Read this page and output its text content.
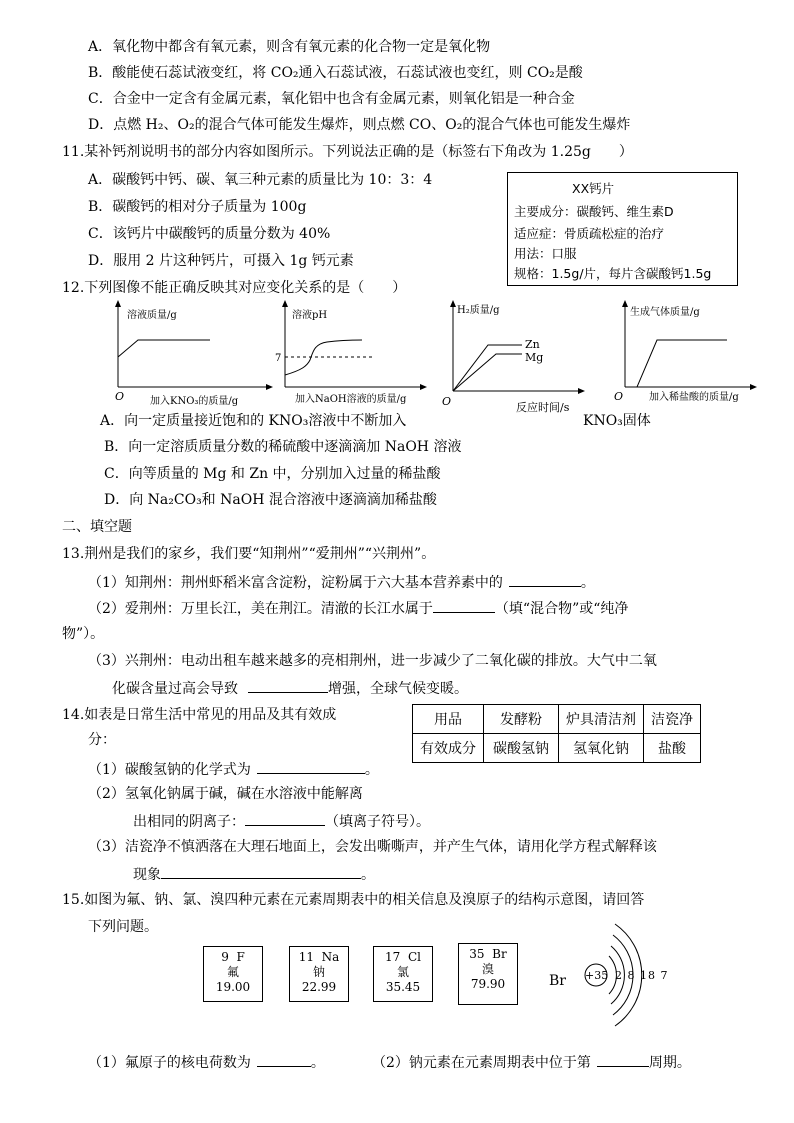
A．氧化物中都含有氧元素，则含有氧元素的化合物一定是氧化物
B．酸能使石蕊试液变红，将 CO₂通入石蕊试液，石蕊试液也变红，则 CO₂是酸
C．合金中一定含有金属元素，氧化铝中也含有金属元素，则氧化铝是一种合金
D．点燃 H₂、O₂的混合气体可能发生爆炸，则点燃 CO、O₂的混合气体也可能发生爆炸
11.某补钙剂说明书的部分内容如图所示。下列说法正确的是（标签右下角改为 1.25g　　）
A．碳酸钙中钙、碳、氧三种元素的质量比为 10：3：4
B．碳酸钙的相对分子质量为 100g
C．该钙片中碳酸钙的质量分数为 40%
D．服用 2 片这种钙片，可摄入 1g 钙元素
XX钙片
主要成分：碳酸钙、维生素D
适应症：骨质疏松症的治疗
用法：口服
规格：1.5g/片，每片含碳酸钙1.5g
12.下列图像不能正确反映其对应变化关系的是（　　）
溶液质量/g
加入KNO₃的质量/g
O
溶液pH
7
加入NaOH溶液的质量/g
H₂质量/g
Zn
Mg
O	反应时间/s
生成气体质量/g
加入稀盐酸的质量/g
O
A．向一定质量接近饱和的 KNO₃溶液中不断加入	KNO₃固体
B．向一定溶质质量分数的稀硫酸中逐滴滴加 NaOH 溶液
C．向等质量的 Mg 和 Zn 中，分别加入过量的稀盐酸
D．向 Na₂CO₃和 NaOH 混合溶液中逐滴滴加稀盐酸
二、填空题
13.荆州是我们的家乡，我们要“知荆州”“爱荆州”“兴荆州”。
（1）知荆州：荆州虾稻米富含淀粉，淀粉属于六大基本营养素中的	。
（2）爱荆州：万里长江，美在荆江。清澈的长江水属于	（填“混合物”或“纯净
物”）。
（3）兴荆州：电动出租车越来越多的亮相荆州，进一步减少了二氧化碳的排放。大气中二氧
化碳含量过高会导致	增强，全球气候变暖。
14.如表是日常生活中常见的用品及其有效成
分：
用品	发酵粉	炉具清洁剂	洁瓷净
有效成分	碳酸氢钠	氢氧化钠	盐酸
（1）碳酸氢钠的化学式为	。
（2）氢氧化钠属于碱，碱在水溶液中能解离
出相同的阴离子：	（填离子符号）。
（3）洁瓷净不慎洒落在大理石地面上，会发出嘶嘶声，并产生气体，请用化学方程式解释该
现象	。
15.如图为氟、钠、氯、溴四种元素在元素周期表中的相关信息及溴原子的结构示意图，请回答
下列问题。
9 F
氟
19.00
11 Na
钠
22.99
17 Cl
氯
35.45
35 Br
溴
79.90	Br +35 2 8 18 7
（1）氟原子的核电荷数为	。	（2）钠元素在元素周期表中位于第	周期。
